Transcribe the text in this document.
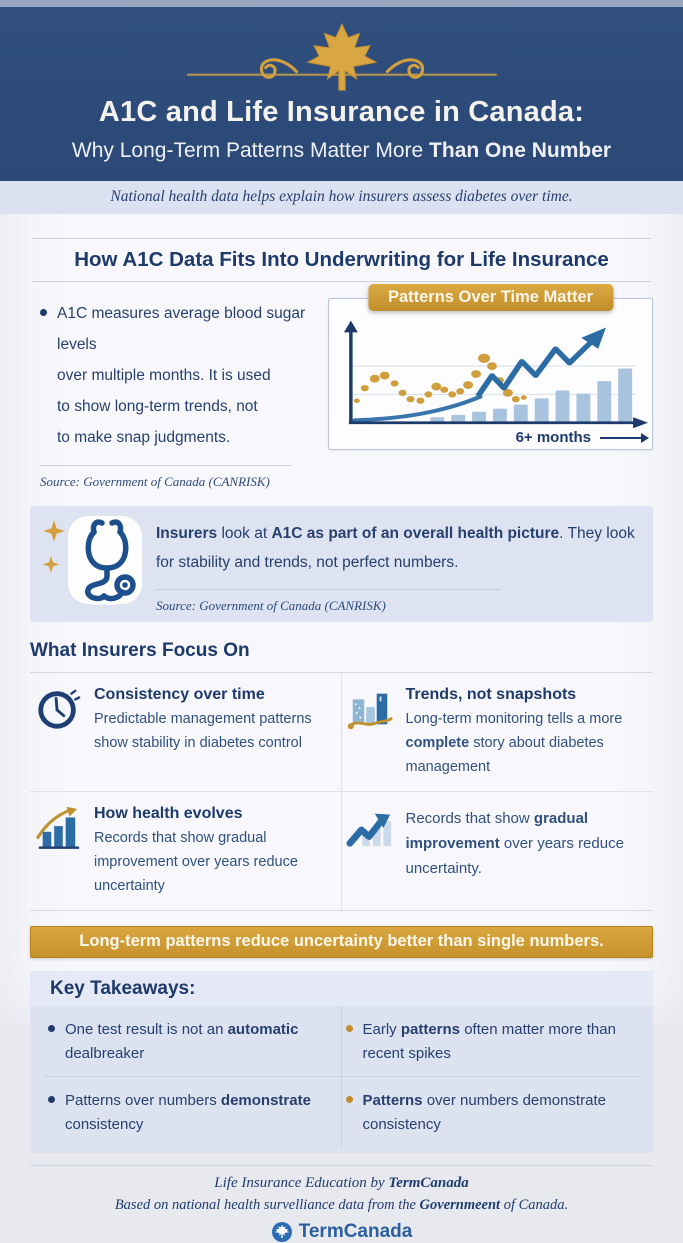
A1C and Life Insurance in Canada:
Why Long-Term Patterns Matter More Than One Number
National health data helps explain how insurers assess diabetes over time.
How A1C Data Fits Into Underwriting for Life Insurance

A1C measures average blood sugar levels
over multiple months. It is used
to show long-term trends, not
to make snap judgments.

Source: Government of Canada (CANRISK)

Patterns Over Time Matter
6+ months

Insurers look at A1C as part of an overall health picture. They look for stability and trends, not perfect numbers.

Source: Government of Canada (CANRISK)

What Insurers Focus On
Consistency over time

Predictable management patterns show stability in diabetes control

Trends, not snapshots

Long-term monitoring tells a more complete story about diabetes management

How health evolves

Records that show gradual improvement over years reduce uncertainty

Records that show gradual improvement over years reduce uncertainty.

Long-term patterns reduce uncertainty better than single numbers.
Key Takeaways:

One test result is not an automatic dealbreaker

Early patterns often matter more than recent spikes

Patterns over numbers demonstrate consistency

Patterns over numbers demonstrate consistency

Life Insurance Education by TermCanada

Based on national health survelliance data from the Governmeent of Canada.

TermCanada
